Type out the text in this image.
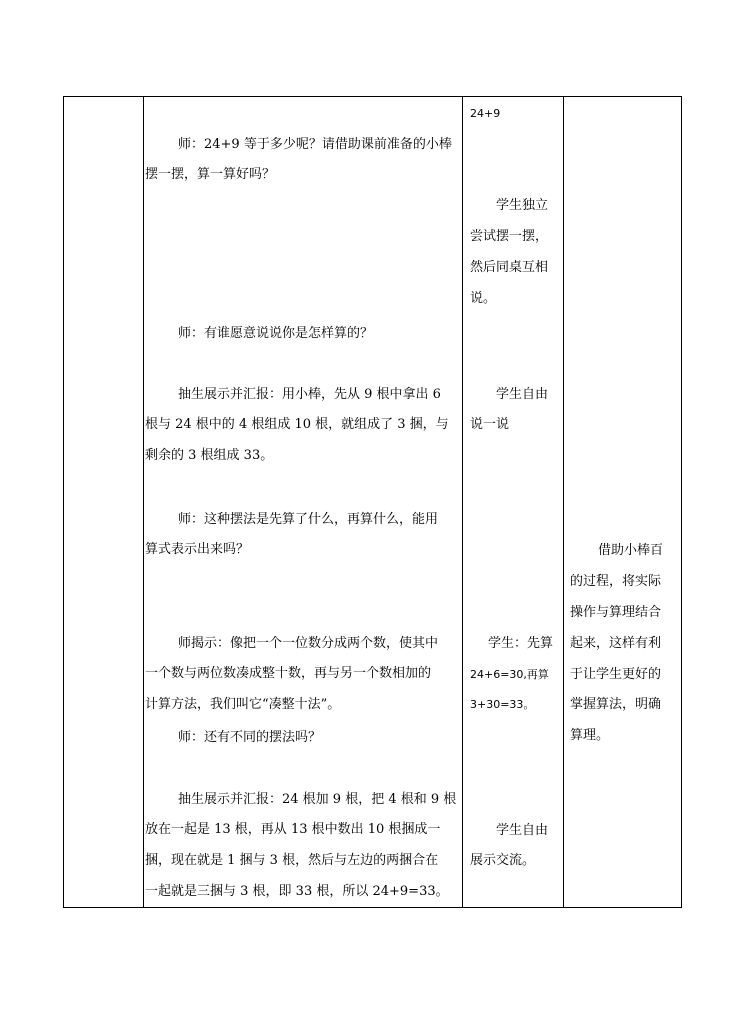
师：24+9 等于多少呢？请借助课前准备的小棒
摆一摆，算一算好吗？
师：有谁愿意说说你是怎样算的？
抽生展示并汇报：用小棒，先从 9 根中拿出 6
根与 24 根中的 4 根组成 10 根，就组成了 3 捆，与
剩余的 3 根组成 33。
师：这种摆法是先算了什么，再算什么，能用
算式表示出来吗？
师揭示：像把一个一位数分成两个数，使其中
一个数与两位数凑成整十数，再与另一个数相加的
计算方法，我们叫它“凑整十法”。
师：还有不同的摆法吗？
抽生展示并汇报：24 根加 9 根，把 4 根和 9 根
放在一起是 13 根，再从 13 根中数出 10 根捆成一
捆，现在就是 1 捆与 3 根，然后与左边的两捆合在
一起就是三捆与 3 根，即 33 根，所以 24+9=33。
24+9
学生独立
尝试摆一摆，
然后同桌互相
说。
学生自由
说一说
学生：先算
24+6=30,再算
3+30=33。
学生自由
展示交流。
借助小棒百
的过程，将实际
操作与算理结合
起来，这样有利
于让学生更好的
掌握算法，明确
算理。
